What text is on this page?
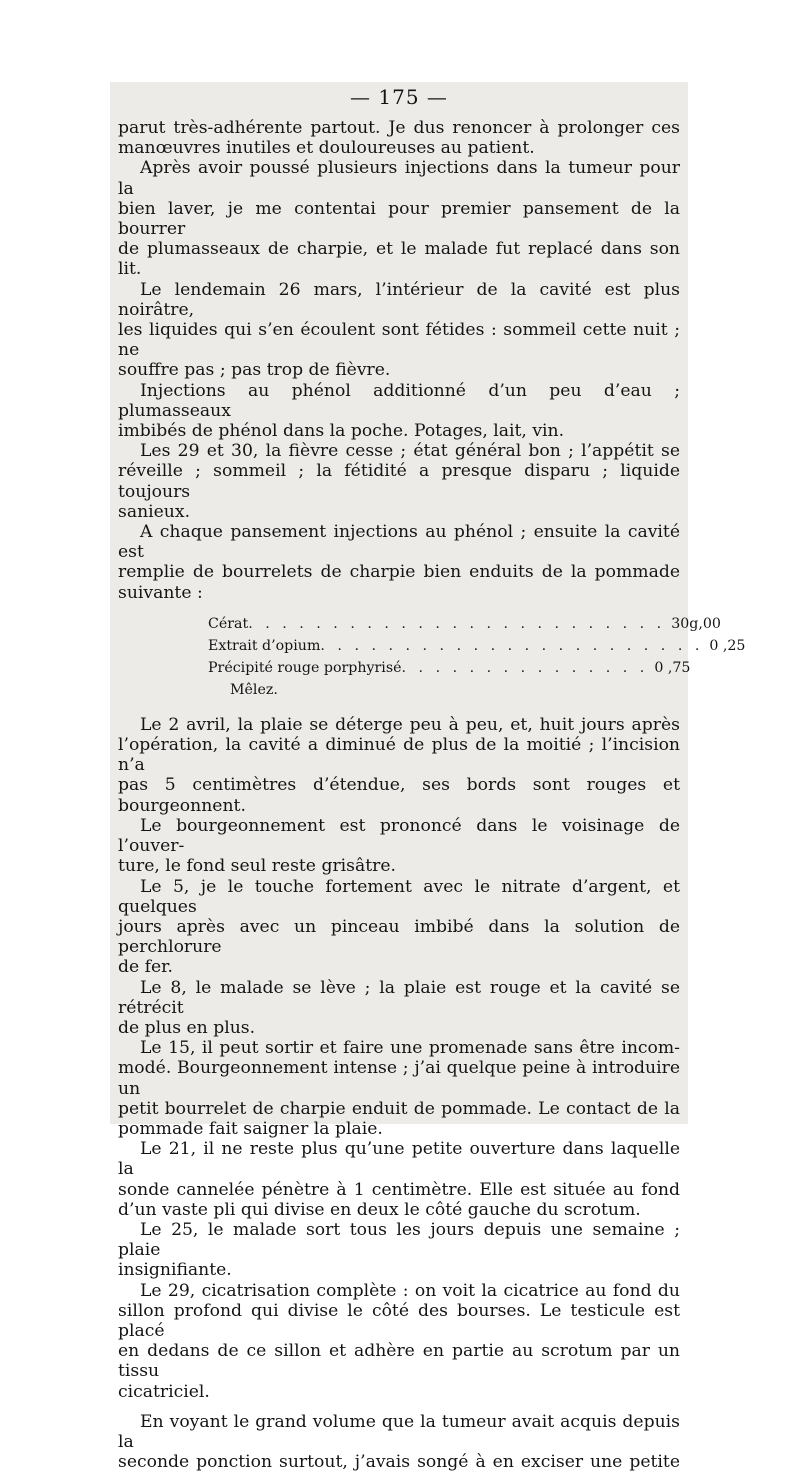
— 175 —
parut très-adhérente partout. Je dus renoncer à prolonger ces
manœuvres inutiles et douloureuses au patient.
Après avoir poussé plusieurs injections dans la tumeur pour la
bien laver, je me contentai pour premier pansement de la bourrer
de plumasseaux de charpie, et le malade fut replacé dans son lit.
Le lendemain 26 mars, l’intérieur de la cavité est plus noirâtre,
les liquides qui s’en écoulent sont fétides : sommeil cette nuit ; ne
souffre pas ; pas trop de fièvre.
Injections au phénol additionné d’un peu d’eau ; plumasseaux
imbibés de phénol dans la poche. Potages, lait, vin.
Les 29 et 30, la fièvre cesse ; état général bon ; l’appétit se
réveille ; sommeil ; la fétidité a presque disparu ; liquide toujours
sanieux.
A chaque pansement injections au phénol ; ensuite la cavité est
remplie de bourrelets de charpie bien enduits de la pommade
suivante :
Cérat . . . . . . . . . . . . . . . . . . . . . . . . . 30g,00
Extrait d’opium . . . . . . . . . . . . . . . . . . . . . . . 0 ,25
Précipité rouge porphyrisé . . . . . . . . . . . . . . . 0 ,75
Mêlez.
Le 2 avril, la plaie se déterge peu à peu, et, huit jours après
l’opération, la cavité a diminué de plus de la moitié ; l’incision n’a
pas 5 centimètres d’étendue, ses bords sont rouges et bourgeonnent.
Le bourgeonnement est prononcé dans le voisinage de l’ouver-
ture, le fond seul reste grisâtre.
Le 5, je le touche fortement avec le nitrate d’argent, et quelques
jours après avec un pinceau imbibé dans la solution de perchlorure
de fer.
Le 8, le malade se lève ; la plaie est rouge et la cavité se rétrécit
de plus en plus.
Le 15, il peut sortir et faire une promenade sans être incom-
modé. Bourgeonnement intense ; j’ai quelque peine à introduire un
petit bourrelet de charpie enduit de pommade. Le contact de la
pommade fait saigner la plaie.
Le 21, il ne reste plus qu’une petite ouverture dans laquelle la
sonde cannelée pénètre à 1 centimètre. Elle est située au fond
d’un vaste pli qui divise en deux le côté gauche du scrotum.
Le 25, le malade sort tous les jours depuis une semaine ; plaie
insignifiante.
Le 29, cicatrisation complète : on voit la cicatrice au fond du
sillon profond qui divise le côté des bourses. Le testicule est placé
en dedans de ce sillon et adhère en partie au scrotum par un tissu
cicatriciel.
En voyant le grand volume que la tumeur avait acquis depuis la
seconde ponction surtout, j’avais songé à en exciser une petite
